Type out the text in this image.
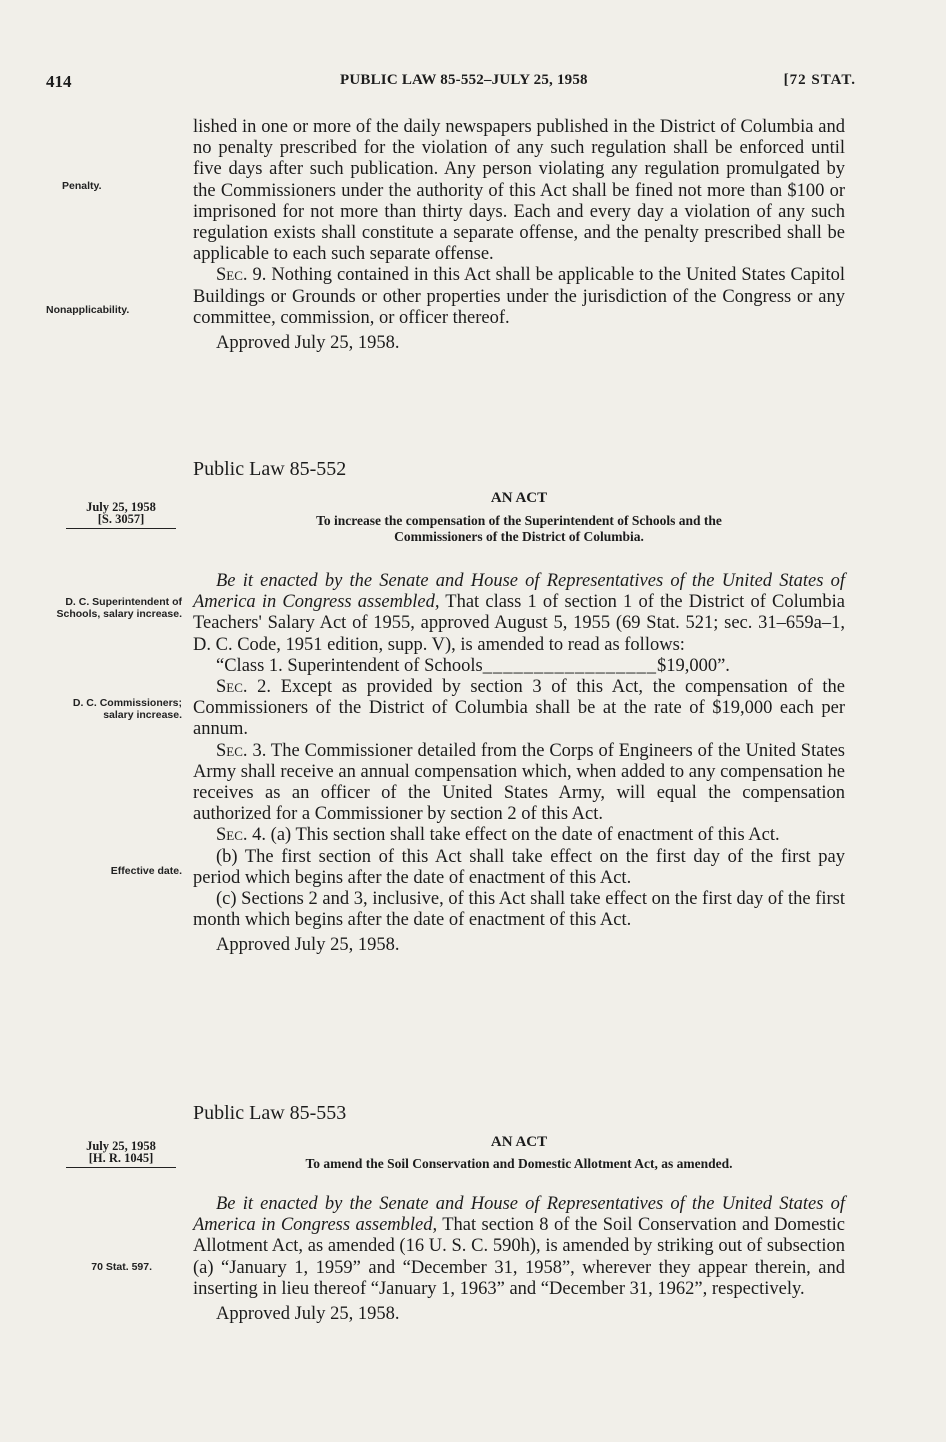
414	PUBLIC LAW 85-552–JULY 25, 1958	[72 STAT.

lished in one or more of the daily newspapers published in the District of Columbia and no penalty prescribed for the violation of any such regulation shall be enforced until five days after such publication. Any person violating any regulation promulgated by the Commissioners under the authority of this Act shall be fined not more than $100 or imprisoned for not more than thirty days. Each and every day a violation of any such regulation exists shall constitute a separate offense, and the penalty prescribed shall be applicable to each such separate offense.

Sec. 9. Nothing contained in this Act shall be applicable to the United States Capitol Buildings or Grounds or other properties under the jurisdiction of the Congress or any committee, commission, or officer thereof.

Approved July 25, 1958.

Penalty.
Nonapplicability.
Public Law 85-552
July 25, 1958
[S. 3057]
AN ACT
To increase the compensation of the Superintendent of Schools and the
Commissioners of the District of Columbia.

Be it enacted by the Senate and House of Representatives of the United States of America in Congress assembled, That class 1 of section 1 of the District of Columbia Teachers' Salary Act of 1955, approved August 5, 1955 (69 Stat. 521; sec. 31–659a–1, D. C. Code, 1951 edition, supp. V), is amended to read as follows:

“Class 1. Superintendent of Schools_________________$19,000”.

Sec. 2. Except as provided by section 3 of this Act, the compensation of the Commissioners of the District of Columbia shall be at the rate of $19,000 each per annum.

Sec. 3. The Commissioner detailed from the Corps of Engineers of the United States Army shall receive an annual compensation which, when added to any compensation he receives as an officer of the United States Army, will equal the compensation authorized for a Commissioner by section 2 of this Act.

Sec. 4. (a) This section shall take effect on the date of enactment of this Act.

(b) The first section of this Act shall take effect on the first day of the first pay period which begins after the date of enactment of this Act.

(c) Sections 2 and 3, inclusive, of this Act shall take effect on the first day of the first month which begins after the date of enactment of this Act.

Approved July 25, 1958.

D. C. Superintendent of Schools, salary increase.
D. C. Commissioners; salary increase.
Effective date.
Public Law 85-553
July 25, 1958
[H. R. 1045]
AN ACT
To amend the Soil Conservation and Domestic Allotment Act, as amended.

Be it enacted by the Senate and House of Representatives of the United States of America in Congress assembled, That section 8 of the Soil Conservation and Domestic Allotment Act, as amended (16 U. S. C. 590h), is amended by striking out of subsection (a) “January 1, 1959” and “December 31, 1958”, wherever they appear therein, and inserting in lieu thereof “January 1, 1963” and “December 31, 1962”, respectively.

Approved July 25, 1958.

70 Stat. 597.
